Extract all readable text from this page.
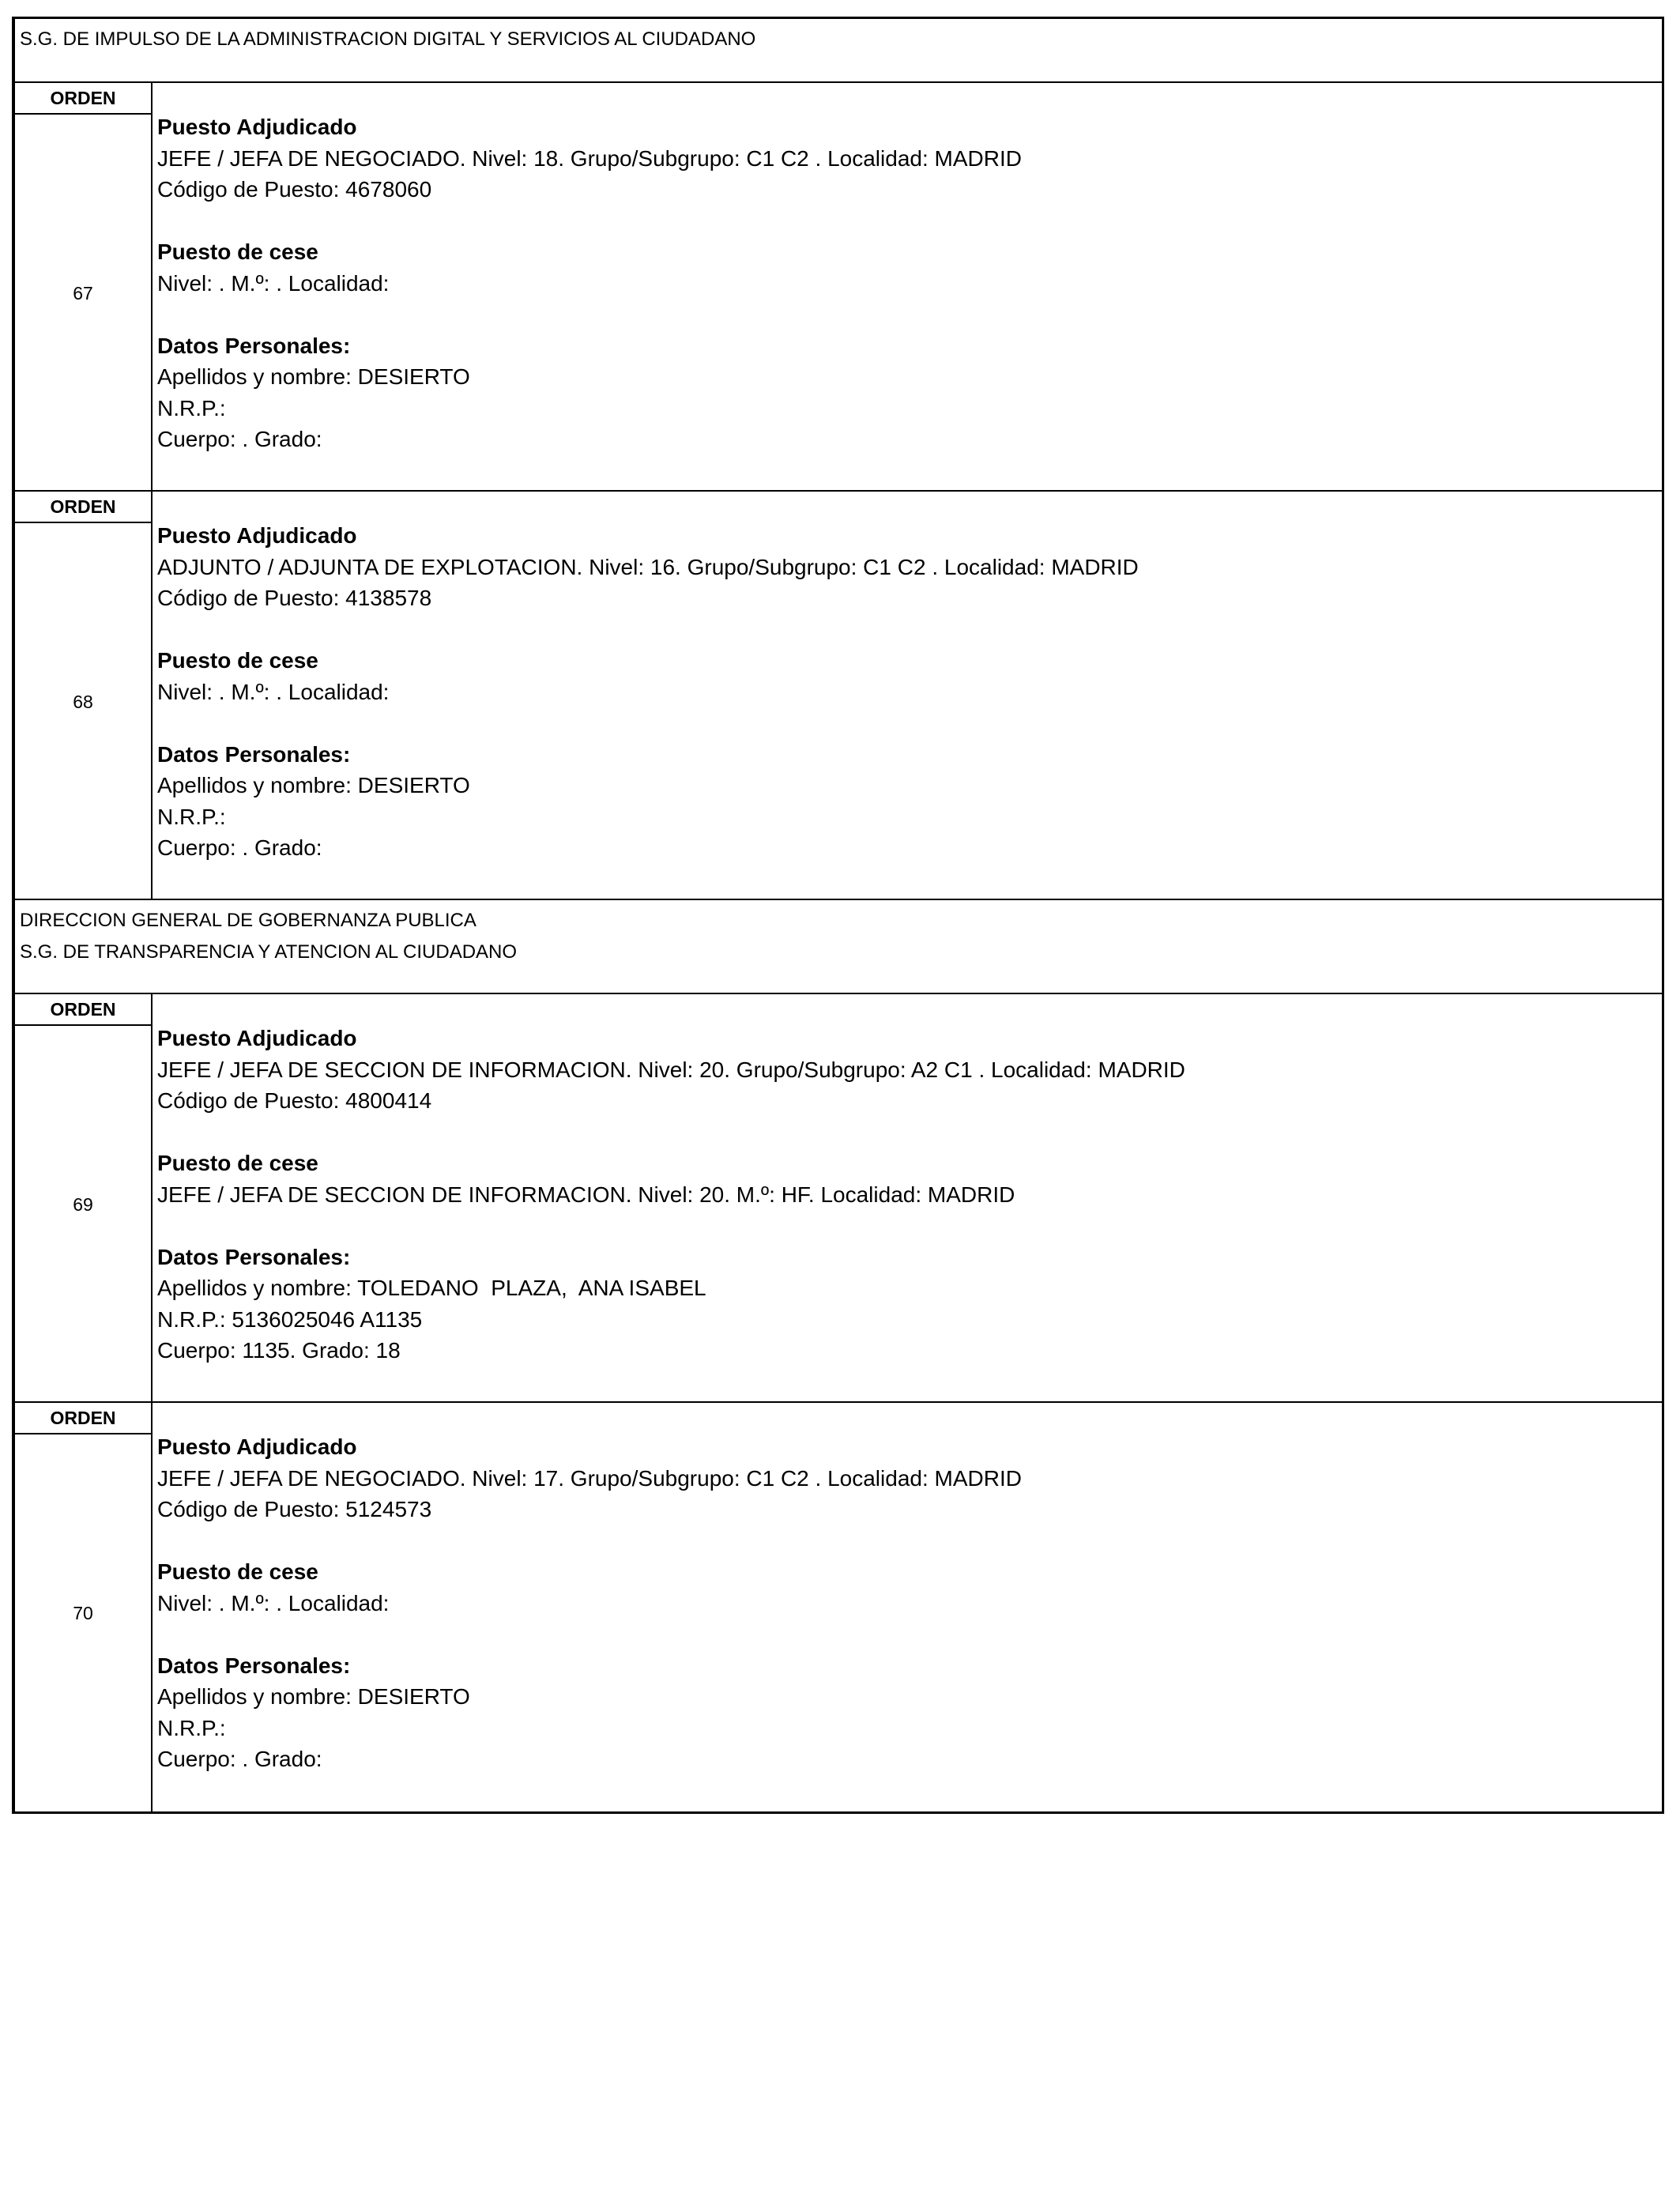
S.G. DE IMPULSO DE LA ADMINISTRACION DIGITAL Y SERVICIOS AL CIUDADANO
ORDEN
67
Puesto Adjudicado
JEFE / JEFA DE NEGOCIADO. Nivel: 18. Grupo/Subgrupo: C1 C2 . Localidad: MADRID
Código de Puesto: 4678060
Puesto de cese
Nivel: . M.º: . Localidad:
Datos Personales:
Apellidos y nombre: DESIERTO
N.R.P.:
Cuerpo: . Grado:
ORDEN
68
Puesto Adjudicado
ADJUNTO / ADJUNTA DE EXPLOTACION. Nivel: 16. Grupo/Subgrupo: C1 C2 . Localidad: MADRID
Código de Puesto: 4138578
Puesto de cese
Nivel: . M.º: . Localidad:
Datos Personales:
Apellidos y nombre: DESIERTO
N.R.P.:
Cuerpo: . Grado:
DIRECCION GENERAL DE GOBERNANZA PUBLICA
S.G. DE TRANSPARENCIA Y ATENCION AL CIUDADANO
ORDEN
69
Puesto Adjudicado
JEFE / JEFA DE SECCION DE INFORMACION. Nivel: 20. Grupo/Subgrupo: A2 C1 . Localidad: MADRID
Código de Puesto: 4800414
Puesto de cese
JEFE / JEFA DE SECCION DE INFORMACION. Nivel: 20. M.º: HF. Localidad: MADRID
Datos Personales:
Apellidos y nombre: TOLEDANO  PLAZA,  ANA ISABEL
N.R.P.: 5136025046 A1135
Cuerpo: 1135. Grado: 18
ORDEN
70
Puesto Adjudicado
JEFE / JEFA DE NEGOCIADO. Nivel: 17. Grupo/Subgrupo: C1 C2 . Localidad: MADRID
Código de Puesto: 5124573
Puesto de cese
Nivel: . M.º: . Localidad:
Datos Personales:
Apellidos y nombre: DESIERTO
N.R.P.:
Cuerpo: . Grado:
